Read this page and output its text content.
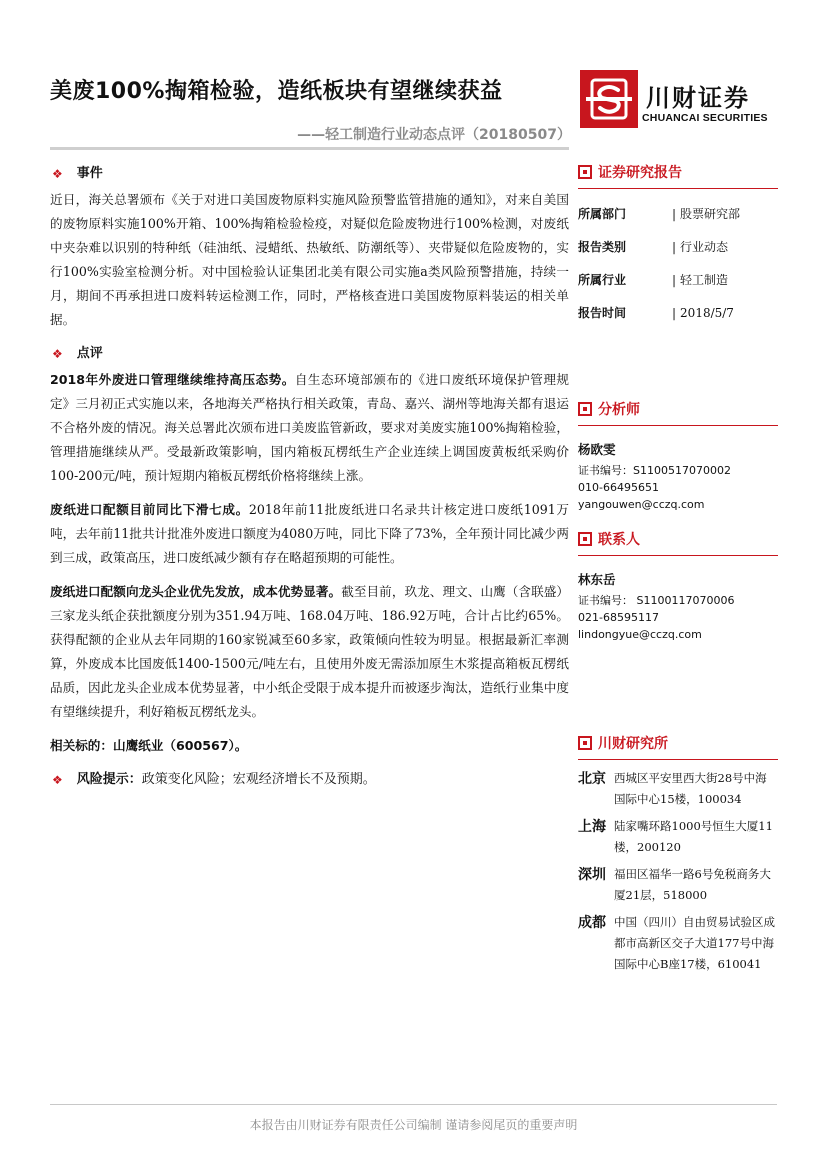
美废100%掏箱检验，造纸板块有望继续获益
——轻工制造行业动态点评（20180507）
川财证券
CHUANCAI SECURITIES
❖ 事件

近日，海关总署颁布《关于对进口美国废物原料实施风险预警监管措施的通知》，对来自美国的废物原料实施100%开箱、100%掏箱检验检疫，对疑似危险废物进行100%检测，对废纸中夹杂难以识别的特种纸（硅油纸、浸蜡纸、热敏纸、防潮纸等）、夹带疑似危险废物的，实行100%实验室检测分析。对中国检验认证集团北美有限公司实施a类风险预警措施，持续一月，期间不再承担进口废料转运检测工作，同时，严格核查进口美国废物原料装运的相关单据。

❖ 点评

2018年外废进口管理继续维持高压态势。自生态环境部颁布的《进口废纸环境保护管理规定》三月初正式实施以来，各地海关严格执行相关政策，青岛、嘉兴、湖州等地海关都有退运不合格外废的情况。海关总署此次颁布进口美废监管新政，要求对美废实施100%掏箱检验，管理措施继续从严。受最新政策影响，国内箱板瓦楞纸生产企业连续上调国废黄板纸采购价100-200元/吨，预计短期内箱板瓦楞纸价格将继续上涨。

废纸进口配额目前同比下滑七成。2018年前11批废纸进口名录共计核定进口废纸1091万吨，去年前11批共计批准外废进口额度为4080万吨，同比下降了73%，全年预计同比减少两到三成，政策高压，进口废纸减少额有存在略超预期的可能性。

废纸进口配额向龙头企业优先发放，成本优势显著。截至目前，玖龙、理文、山鹰（含联盛）三家龙头纸企获批额度分别为351.94万吨、168.04万吨、186.92万吨，合计占比约65%。获得配额的企业从去年同期的160家锐减至60多家，政策倾向性较为明显。根据最新汇率测算，外废成本比国废低1400-1500元/吨左右，且使用外废无需添加原生木浆提高箱板瓦楞纸品质，因此龙头企业成本优势显著，中小纸企受限于成本提升而被逐步淘汰，造纸行业集中度有望继续提升，利好箱板瓦楞纸龙头。

相关标的：山鹰纸业（600567）。

❖ 风险提示： 政策变化风险；宏观经济增长不及预期。
证券研究报告
所属部门	| 股票研究部
报告类别	| 行业动态
所属行业	| 轻工制造
报告时间	| 2018/5/7
分析师
杨欧雯
证书编号：S1100517070002
010-66495651
yangouwen@cczq.com
联系人
林东岳
证书编号： S1100117070006
021-68595117
lindongyue@cczq.com
川财研究所
北京 西城区平安里西大街28号中海国际中心15楼，100034
上海 陆家嘴环路1000号恒生大厦11楼，200120
深圳 福田区福华一路6号免税商务大厦21层，518000
成都 中国（四川）自由贸易试验区成都市高新区交子大道177号中海国际中心B座17楼，610041
本报告由川财证券有限责任公司编制 谨请参阅尾页的重要声明
